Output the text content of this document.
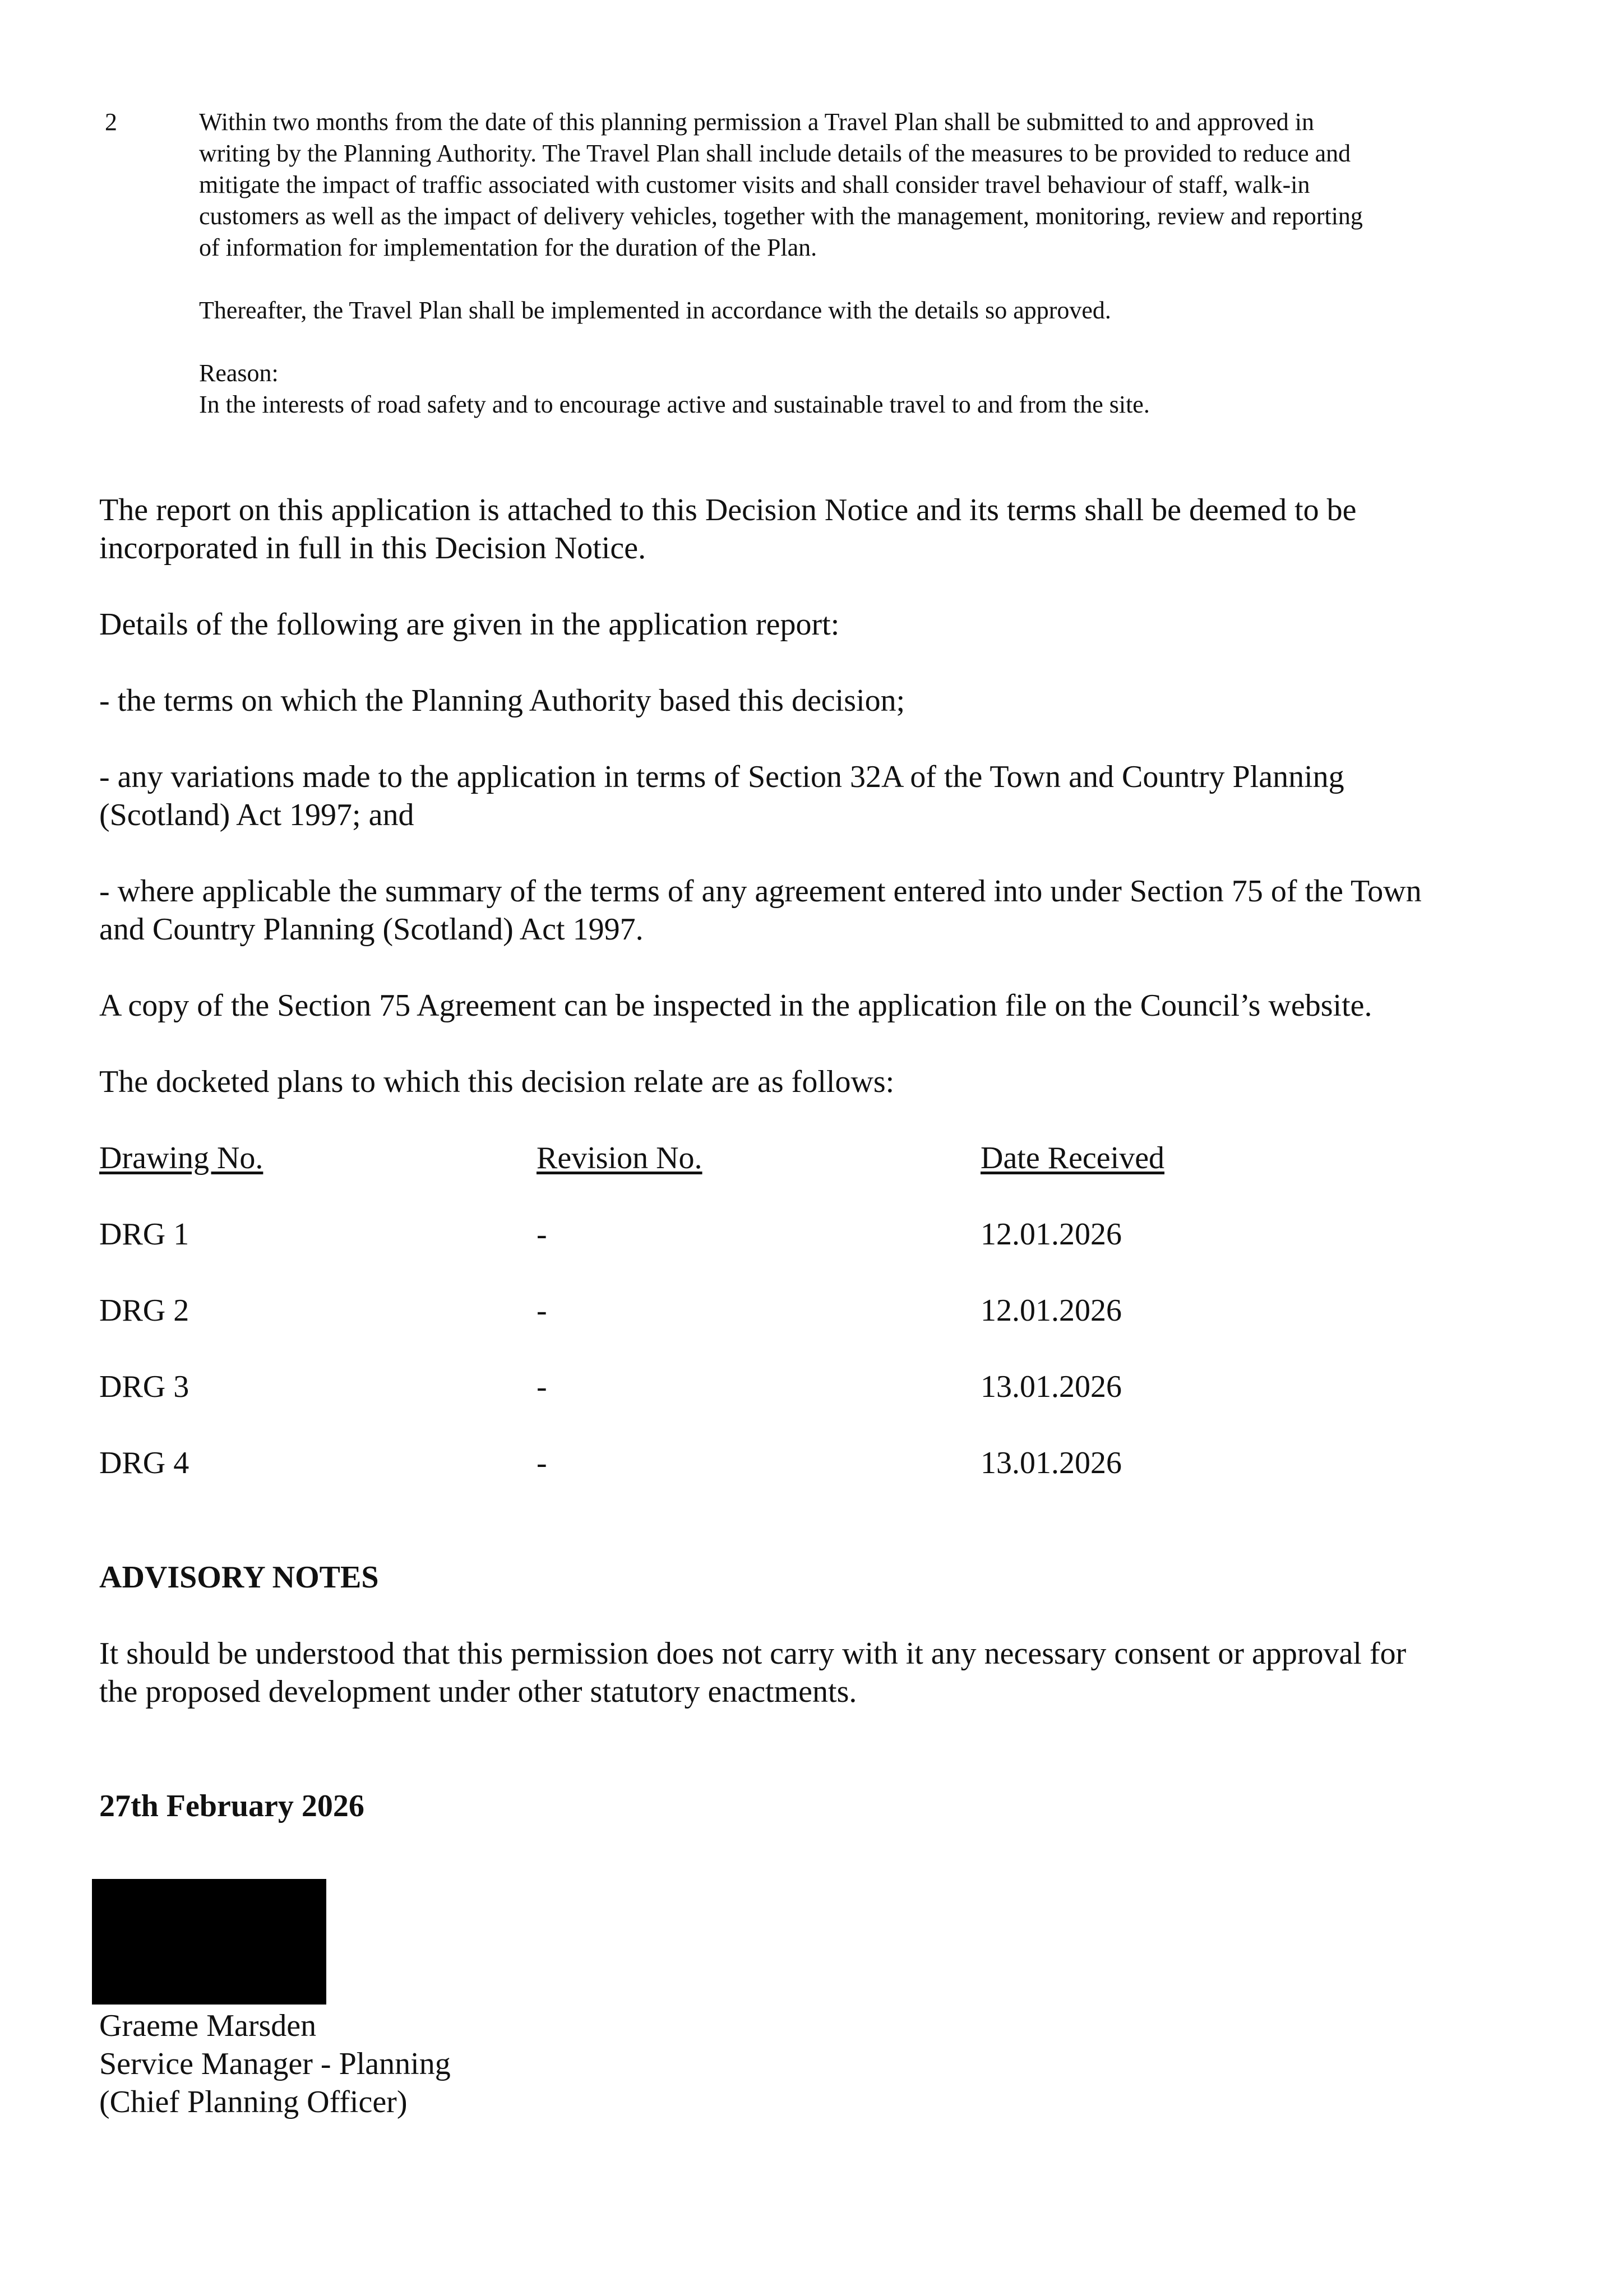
2	Within two months from the date of this planning permission a Travel Plan shall be submitted to and approved in writing by the Planning Authority. The Travel Plan shall include details of the measures to be provided to reduce and mitigate the impact of traffic associated with customer visits and shall consider travel behaviour of staff, walk-in customers as well as the impact of delivery vehicles, together with the management, monitoring, review and reporting of information for implementation for the duration of the Plan.

Thereafter, the Travel Plan shall be implemented in accordance with the details so approved.

Reason:
In the interests of road safety and to encourage active and sustainable travel to and from the site.

The report on this application is attached to this Decision Notice and its terms shall be deemed to be incorporated in full in this Decision Notice.

Details of the following are given in the application report:

- the terms on which the Planning Authority based this decision;

- any variations made to the application in terms of Section 32A of the Town and Country Planning (Scotland) Act 1997; and

- where applicable the summary of the terms of any agreement entered into under Section 75 of the Town and Country Planning (Scotland) Act 1997.

A copy of the Section 75 Agreement can be inspected in the application file on the Council’s website.

The docketed plans to which this decision relate are as follows:

Drawing No.	Revision No.	Date Received
DRG 1	-	12.01.2026
DRG 2	-	12.01.2026
DRG 3	-	13.01.2026
DRG 4	-	13.01.2026

ADVISORY NOTES

It should be understood that this permission does not carry with it any necessary consent or approval for the proposed development under other statutory enactments.

27th February 2026

Graeme Marsden
Service Manager - Planning
(Chief Planning Officer)
